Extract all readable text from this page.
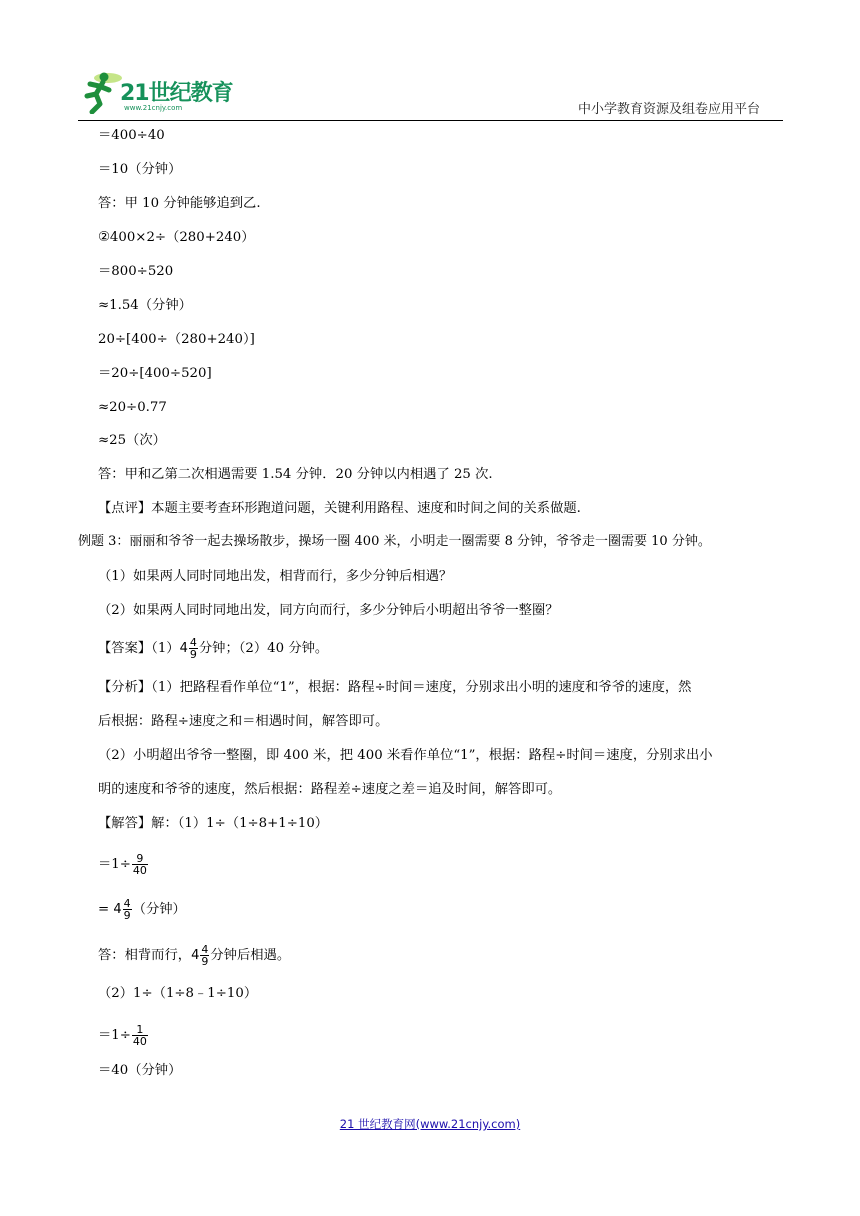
21世纪教育
www.21cnjy.com	中小学教育资源及组卷应用平台
＝400÷40
＝10（分钟）
答：甲 10 分钟能够追到乙.
②400×2÷（280+240）
＝800÷520
≈1.54（分钟）
20÷[400÷（280+240）]
＝20÷[400÷520]
≈20÷0.77
≈25（次）
答：甲和乙第二次相遇需要 1.54 分钟．20 分钟以内相遇了 25 次.
【点评】本题主要考查环形跑道问题，关键利用路程、速度和时间之间的关系做题.
例题 3：丽丽和爷爷一起去操场散步，操场一圈 400 米，小明走一圈需要 8 分钟，爷爷走一圈需要 10 分钟。
（1）如果两人同时同地出发，相背而行，多少分钟后相遇？
（2）如果两人同时同地出发，同方向而行，多少分钟后小明超出爷爷一整圈？
【答案】$(1)4 \frac{4}{9}$ 分钟；（2）40 分钟。
【分析】（1）把路程看作单位“1”，根据：路程÷时间＝速度，分别求出小明的速度和爷爷的速度，然
后根据：路程÷速度之和＝相遇时间，解答即可。
（2）小明超出爷爷一整圈，即 400 米，把 400 米看作单位“1”，根据：路程÷时间＝速度，分别求出小
明的速度和爷爷的速度，然后根据：路程差÷速度之差＝追及时间，解答即可。
【解答】解：（1）1÷（1÷8+1÷10）
$=1\div \frac{9}{40}$
= $4 \frac{4}{9}$ （分钟）
答：相背而行，$4 \frac{4}{9}$ 分钟后相遇。
（2）1÷（1÷8﹣1÷10）
$=1\div \frac{1}{40}$
＝40（分钟）
21 世纪教育网(www.21cnjy.com)
